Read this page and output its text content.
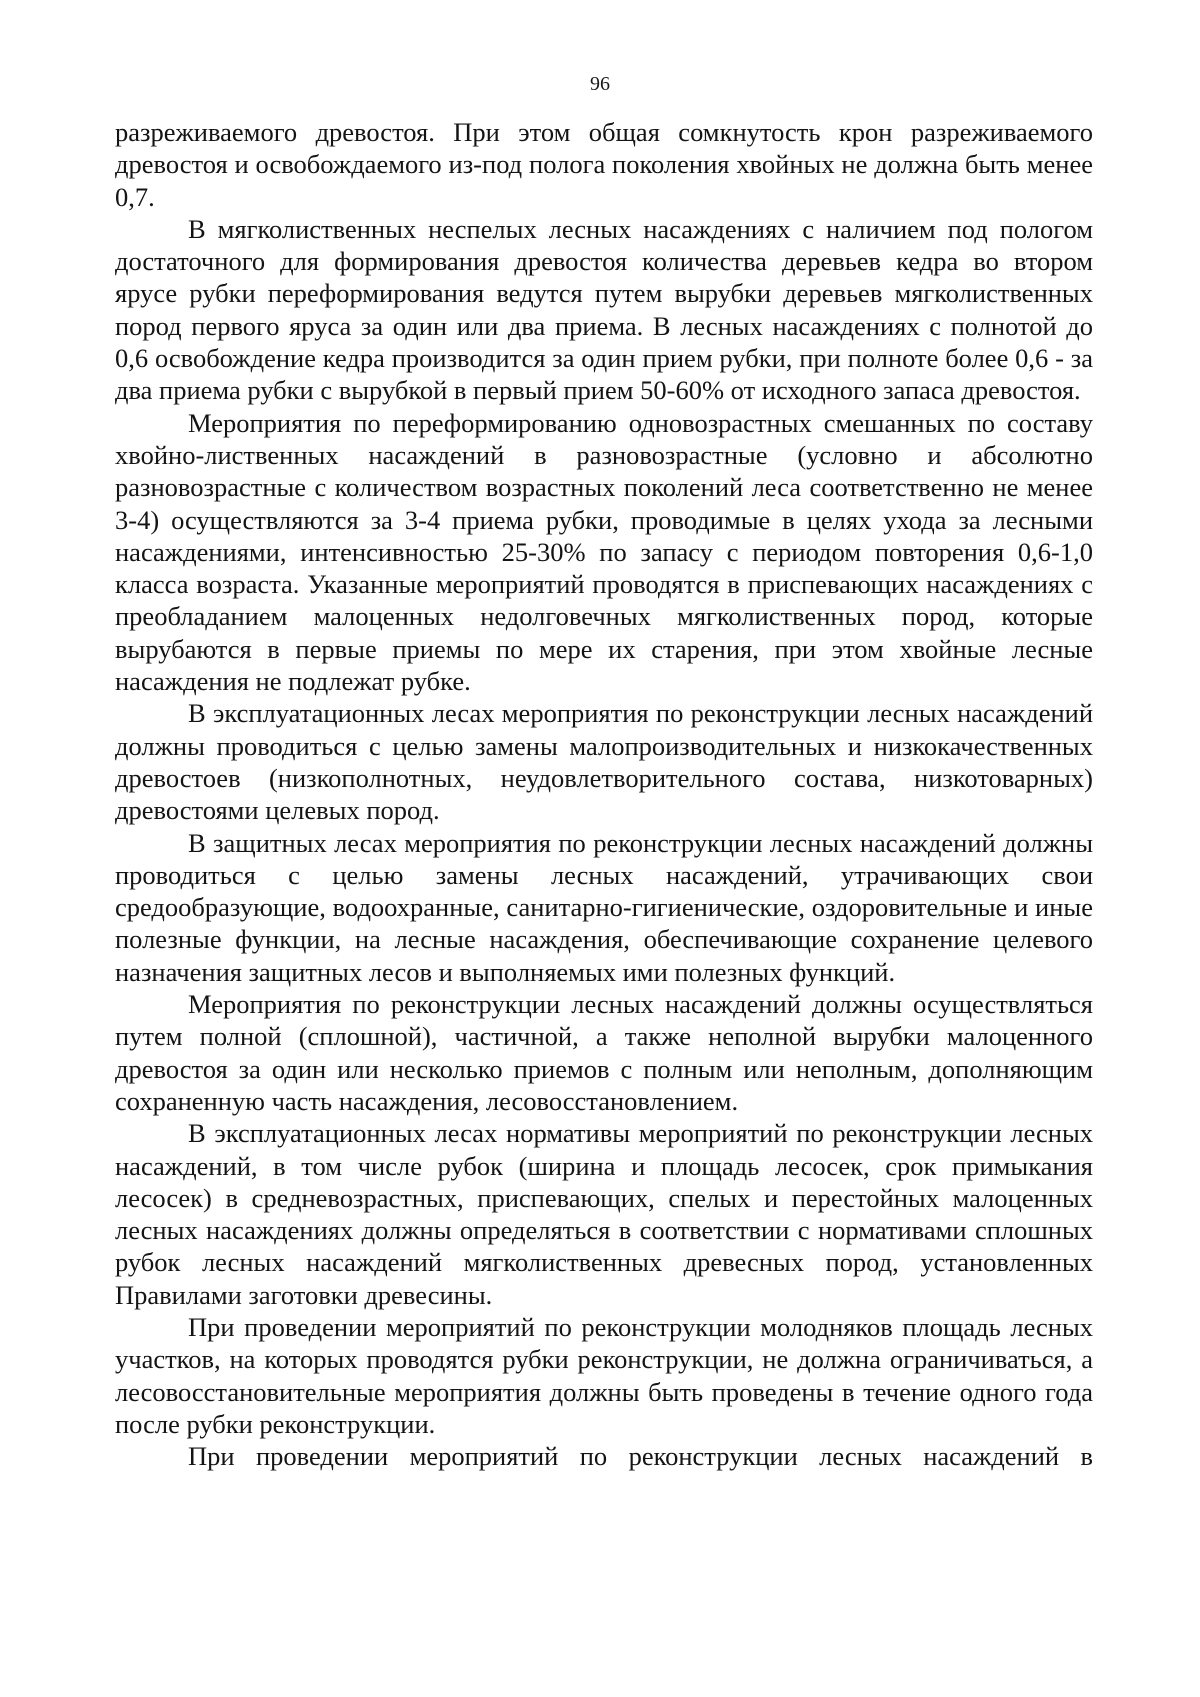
96

разреживаемого древостоя. При этом общая сомкнутость крон разреживаемого древостоя и освобождаемого из-под полога поколения хвойных не должна быть менее 0,7.

В мягколиственных неспелых лесных насаждениях с наличием под пологом достаточного для формирования древостоя количества деревьев кедра во втором ярусе рубки переформирования ведутся путем вырубки деревьев мягколиственных пород первого яруса за один или два приема. В лесных насаждениях с полнотой до 0,6 освобождение кедра производится за один прием рубки, при полноте более 0,6 - за два приема рубки с вырубкой в первый прием 50-60% от исходного запаса древостоя.

Мероприятия по переформированию одновозрастных смешанных по составу хвойно-лиственных насаждений в разновозрастные (условно и абсолютно разновозрастные с количеством возрастных поколений леса соответственно не менее 3-4) осуществляются за 3-4 приема рубки, проводимые в целях ухода за лесными насаждениями, интенсивностью 25-30% по запасу с периодом повторения 0,6-1,0 класса возраста. Указанные мероприятий проводятся в приспевающих насаждениях с преобладанием малоценных недолговечных мягколиственных пород, которые вырубаются в первые приемы по мере их старения, при этом хвойные лесные насаждения не подлежат рубке.

В эксплуатационных лесах мероприятия по реконструкции лесных насаждений должны проводиться с целью замены малопроизводительных и низкокачественных древостоев (низкополнотных, неудовлетворительного состава, низкотоварных) древостоями целевых пород.

В защитных лесах мероприятия по реконструкции лесных насаждений должны проводиться с целью замены лесных насаждений, утрачивающих свои средообразующие, водоохранные, санитарно-гигиенические, оздоровительные и иные полезные функции, на лесные насаждения, обеспечивающие сохранение целевого назначения защитных лесов и выполняемых ими полезных функций.

Мероприятия по реконструкции лесных насаждений должны осуществляться путем полной (сплошной), частичной, а также неполной вырубки малоценного древостоя за один или несколько приемов с полным или неполным, дополняющим сохраненную часть насаждения, лесовосстановлением.

В эксплуатационных лесах нормативы мероприятий по реконструкции лесных насаждений, в том числе рубок (ширина и площадь лесосек, срок примыкания лесосек) в средневозрастных, приспевающих, спелых и перестойных малоценных лесных насаждениях должны определяться в соответствии с нормативами сплошных рубок лесных насаждений мягколиственных древесных пород, установленных Правилами заготовки древесины.

При проведении мероприятий по реконструкции молодняков площадь лесных участков, на которых проводятся рубки реконструкции, не должна ограничиваться, а лесовосстановительные мероприятия должны быть проведены в течение одного года после рубки реконструкции.

При проведении мероприятий по реконструкции лесных насаждений в
